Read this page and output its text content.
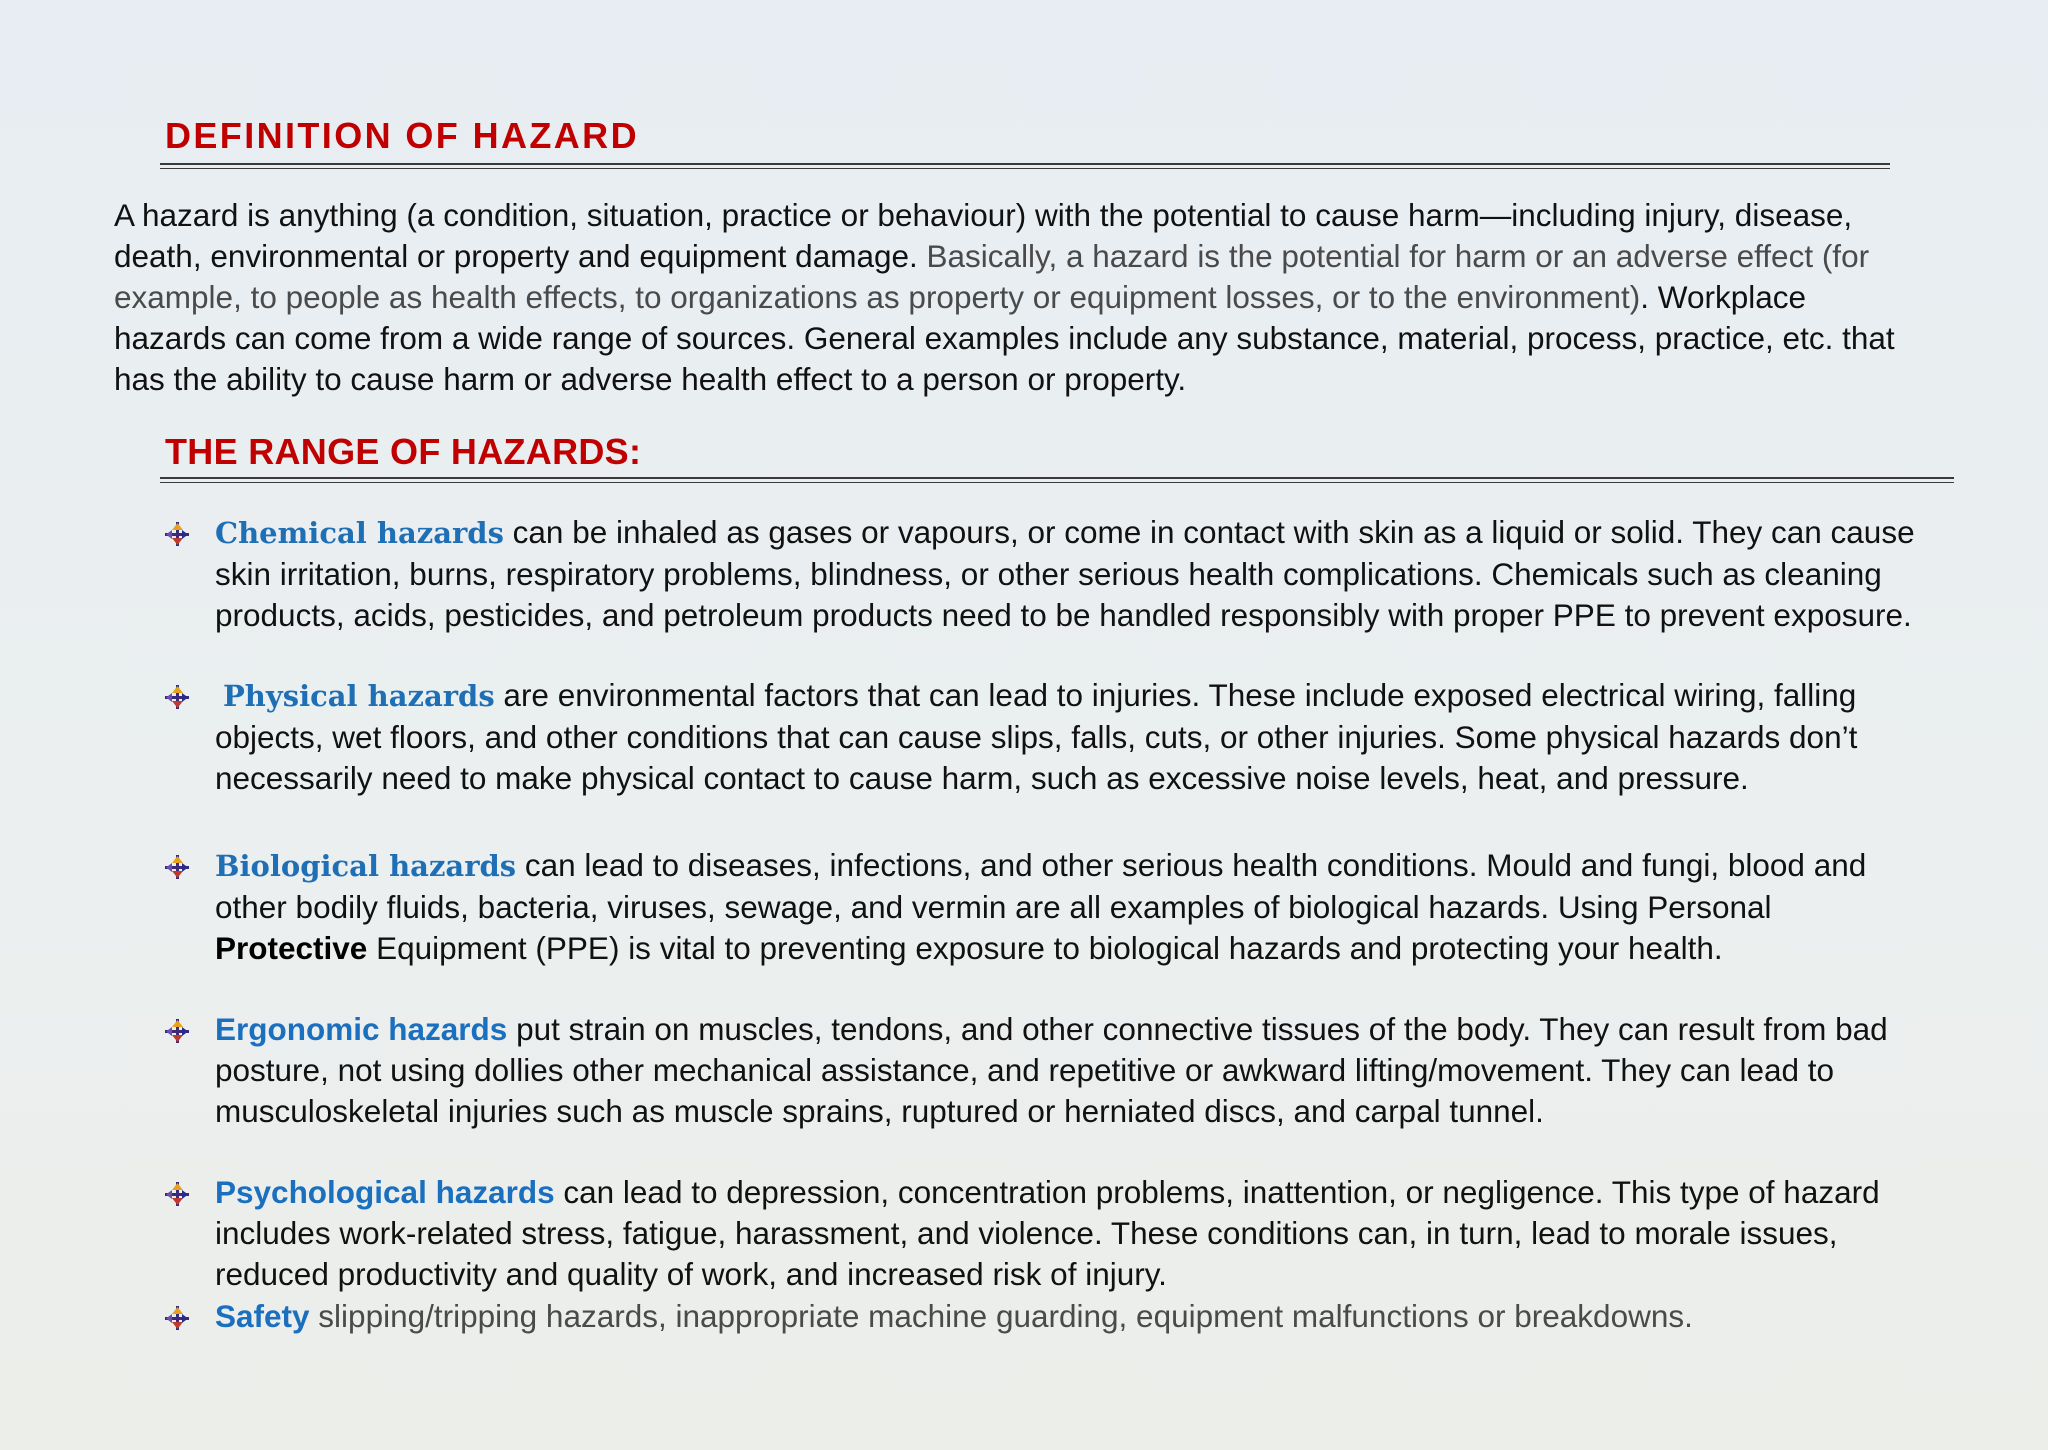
DEFINITION OF HAZARD

A hazard is anything (a condition, situation, practice or behaviour) with the potential to cause harm—including injury, disease, death, environmental or property and equipment damage. Basically, a hazard is the potential for harm or an adverse effect (for example, to people as health effects, to organizations as property or equipment losses, or to the environment). Workplace hazards can come from a wide range of sources. General examples include any substance, material, process, practice, etc. that has the ability to cause harm or adverse health effect to a person or property.

THE RANGE OF HAZARDS:
Chemical hazards can be inhaled as gases or vapours, or come in contact with skin as a liquid or solid. They can cause skin irritation, burns, respiratory problems, blindness, or other serious health complications. Chemicals such as cleaning products, acids, pesticides, and petroleum products need to be handled responsibly with proper PPE to prevent exposure.
Physical hazards are environmental factors that can lead to injuries. These include exposed electrical wiring, falling objects, wet floors, and other conditions that can cause slips, falls, cuts, or other injuries. Some physical hazards don’t necessarily need to make physical contact to cause harm, such as excessive noise levels, heat, and pressure.
Biological hazards can lead to diseases, infections, and other serious health conditions. Mould and fungi, blood and other bodily fluids, bacteria, viruses, sewage, and vermin are all examples of biological hazards. Using Personal Protective Equipment (PPE) is vital to preventing exposure to biological hazards and protecting your health.
Ergonomic hazards put strain on muscles, tendons, and other connective tissues of the body. They can result from bad posture, not using dollies other mechanical assistance, and repetitive or awkward lifting/movement. They can lead to musculoskeletal injuries such as muscle sprains, ruptured or herniated discs, and carpal tunnel.
Psychological hazards can lead to depression, concentration problems, inattention, or negligence. This type of hazard includes work-related stress, fatigue, harassment, and violence. These conditions can, in turn, lead to morale issues, reduced productivity and quality of work, and increased risk of injury.
Safety slipping/tripping hazards, inappropriate machine guarding, equipment malfunctions or breakdowns.
